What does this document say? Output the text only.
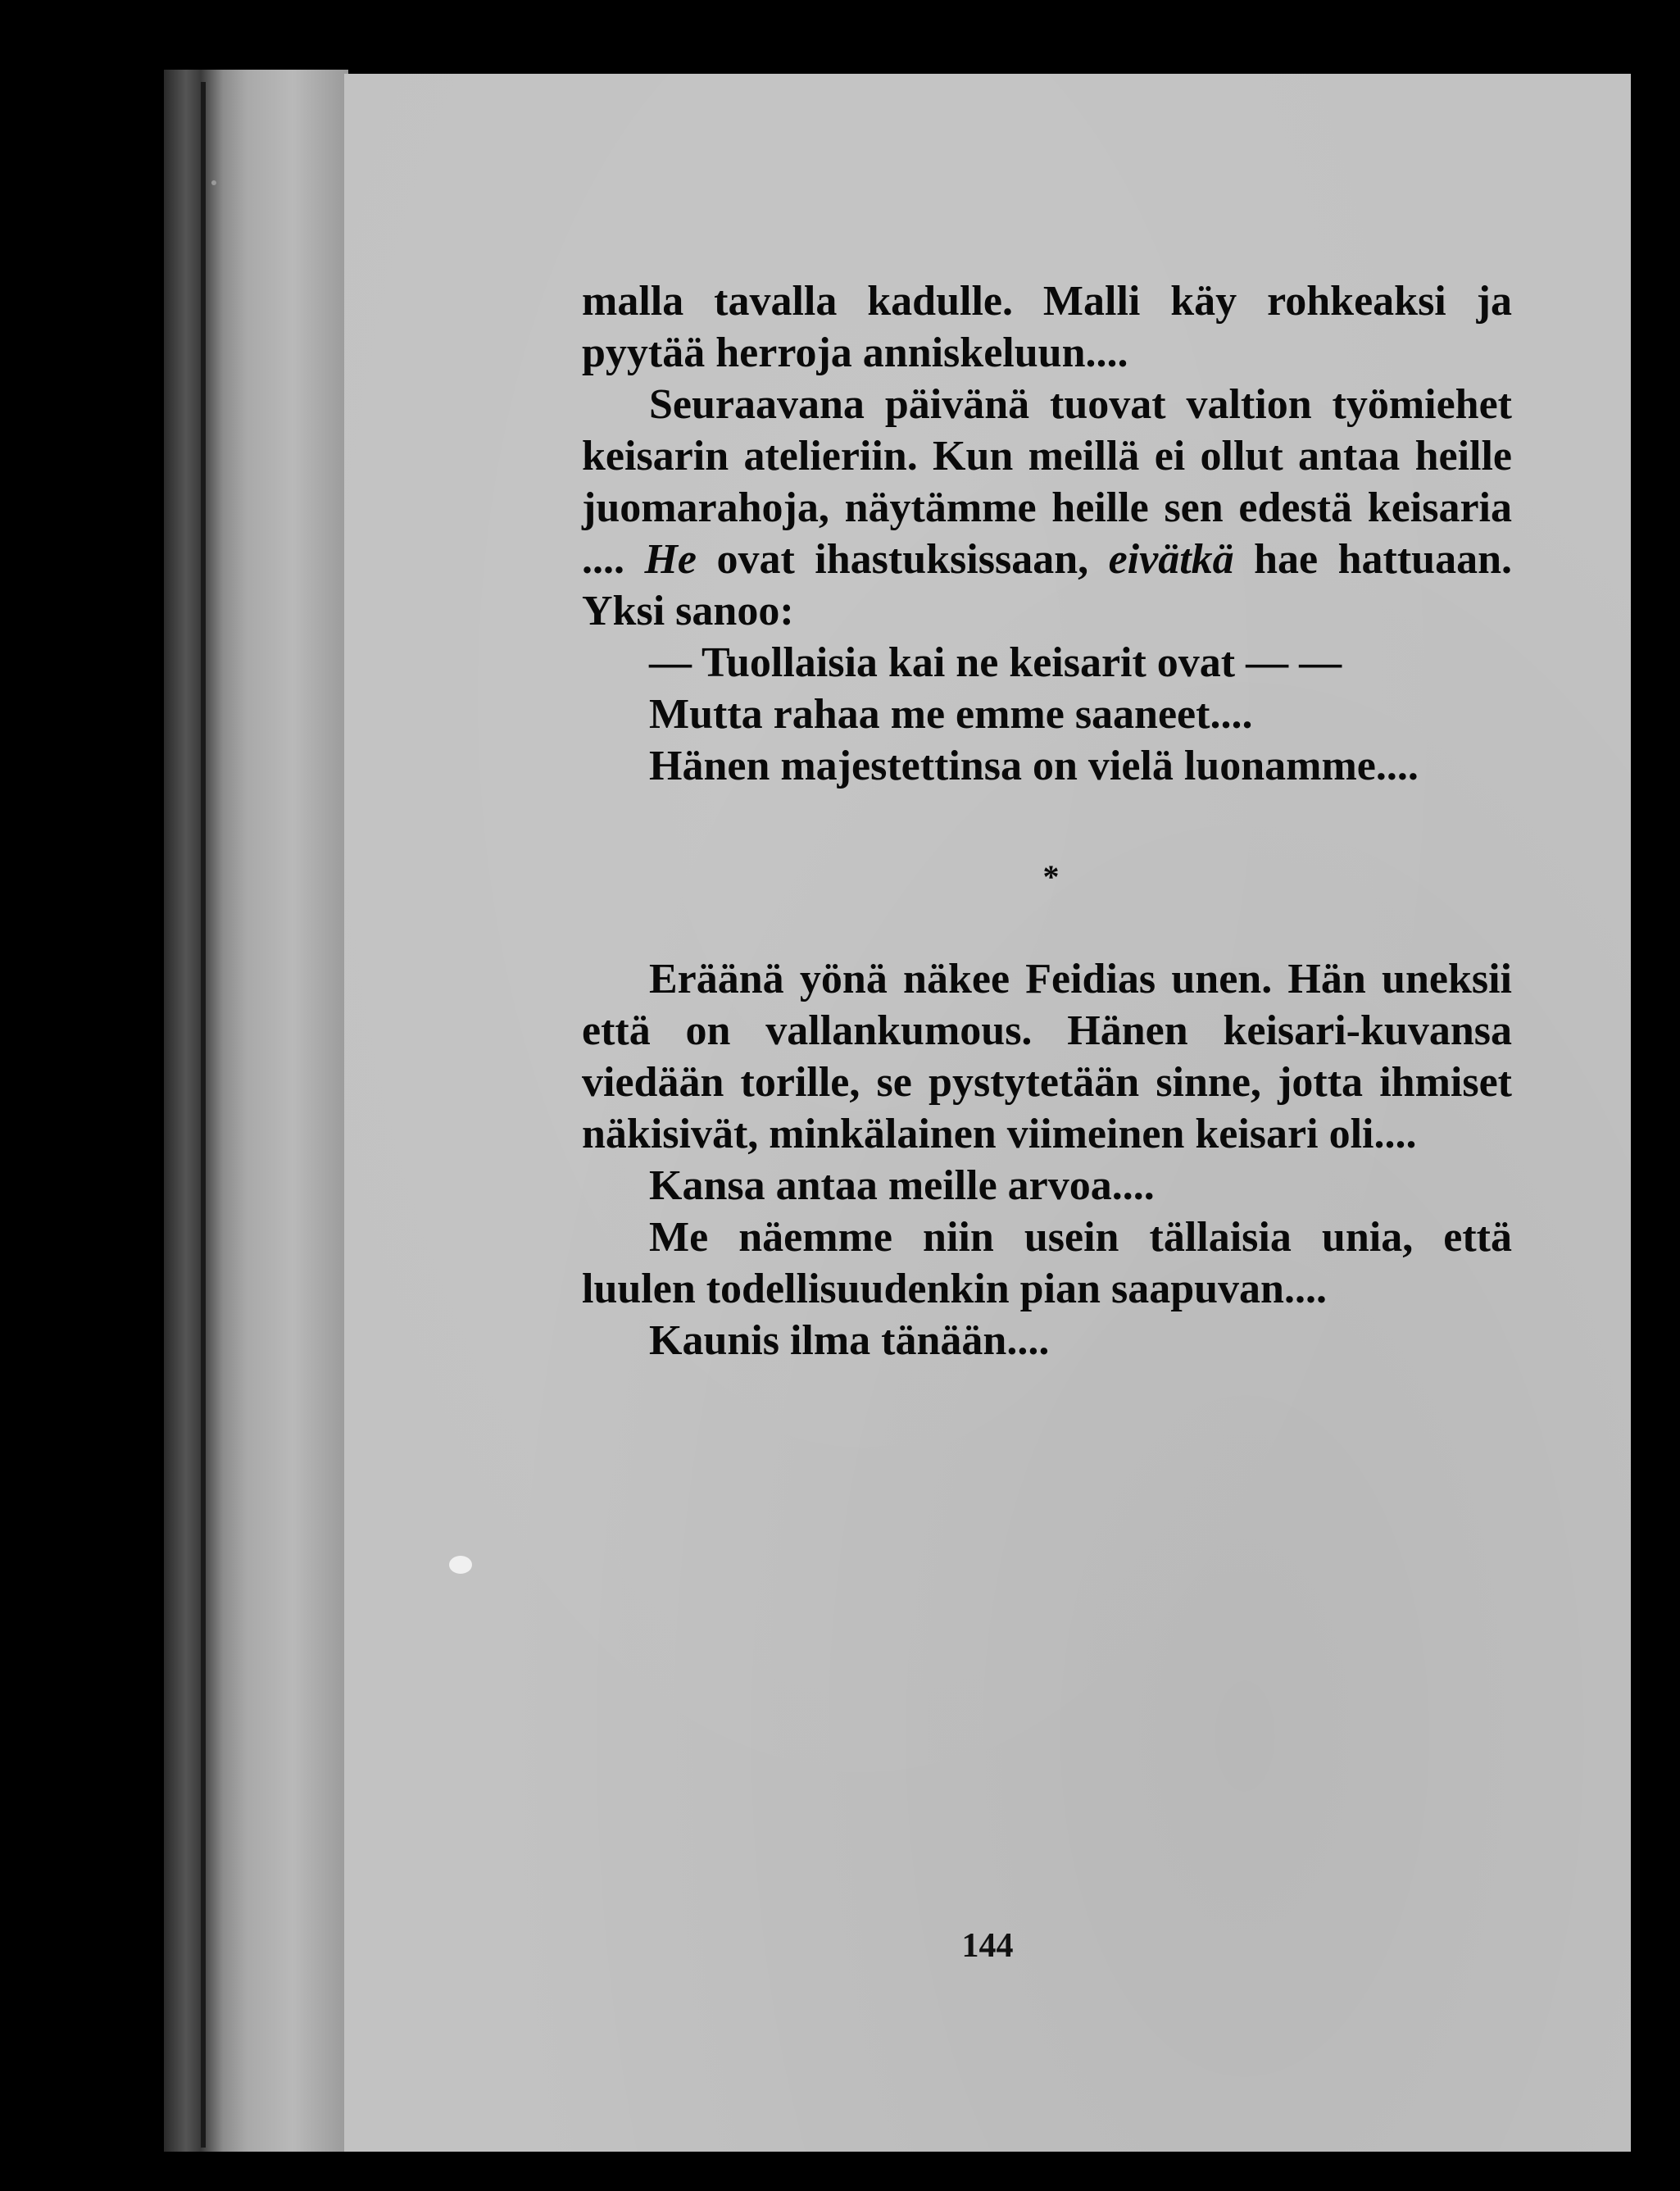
malla tavalla kadulle. Malli käy rohkeaksi ja pyytää herroja anniskeluun....

Seuraavana päivänä tuovat valtion työmiehet keisarin atelieriin. Kun meillä ei ollut antaa heille juomarahoja, näytämme heille sen edestä keisaria .... He ovat ihastuksissaan, eivätkä hae hattuaan. Yksi sanoo:

— Tuollaisia kai ne keisarit ovat — —

Mutta rahaa me emme saaneet....

Hänen majestettinsa on vielä luonamme....

*

Eräänä yönä näkee Feidias unen. Hän uneksii että on vallankumous. Hänen keisari-kuvansa viedään torille, se pystytetään sinne, jotta ihmiset näkisivät, minkälainen viimeinen keisari oli....

Kansa antaa meille arvoa....

Me näemme niin usein tällaisia unia, että luulen todellisuudenkin pian saapuvan....

Kaunis ilma tänään....

144
